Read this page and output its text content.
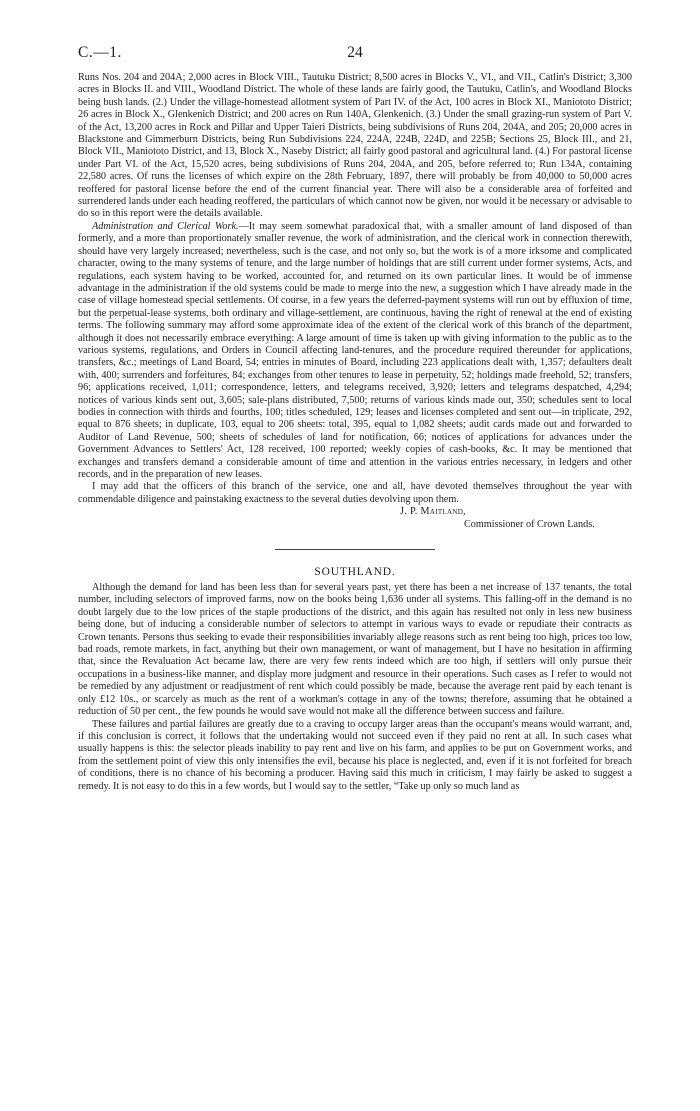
C.—1.	24

Runs Nos. 204 and 204A; 2,000 acres in Block VIII., Tautuku District; 8,500 acres in Blocks V., VI., and VII., Catlin's District; 3,300 acres in Blocks II. and VIII., Woodland District. The whole of these lands are fairly good, the Tautuku, Catlin's, and Woodland Blocks being bush lands. (2.) Under the village-homestead allotment system of Part IV. of the Act, 100 acres in Block XI., Maniototo District; 26 acres in Block X., Glenkenich District; and 200 acres on Run 140A, Glenkenich. (3.) Under the small grazing-run system of Part V. of the Act, 13,200 acres in Rock and Pillar and Upper Taieri Districts, being subdivisions of Runs 204, 204A, and 205; 20,000 acres in Blackstone and Gimmerburn Districts, being Run Subdivisions 224, 224A, 224B, 224D, and 225B; Sections 25, Block III., and 21, Block VII., Maniototo District, and 13, Block X., Naseby District; all fairly good pastoral and agricultural land. (4.) For pastoral license under Part VI. of the Act, 15,520 acres, being subdivisions of Runs 204, 204A, and 205, before referred to; Run 134A, containing 22,580 acres. Of runs the licenses of which expire on the 28th February, 1897, there will probably be from 40,000 to 50,000 acres reoffered for pastoral license before the end of the current financial year. There will also be a considerable area of forfeited and surrendered lands under each heading reoffered, the particulars of which cannot now be given, nor would it be necessary or advisable to do so in this report were the details available.

Administration and Clerical Work.—It may seem somewhat paradoxical that, with a smaller amount of land disposed of than formerly, and a more than proportionately smaller revenue, the work of administration, and the clerical work in connection therewith, should have very largely increased; nevertheless, such is the case, and not only so, but the work is of a more irksome and complicated character, owing to the many systems of tenure, and the large number of holdings that are still current under former systems, Acts, and regulations, each system having to be worked, accounted for, and returned on its own particular lines. It would be of immense advantage in the administration if the old systems could be made to merge into the new, a suggestion which I have already made in the case of village homestead special settlements. Of course, in a few years the deferred-payment systems will run out by effluxion of time, but the perpetual-lease systems, both ordinary and village-settlement, are continuous, having the right of renewal at the end of existing terms. The following summary may afford some approximate idea of the extent of the clerical work of this branch of the department, although it does not necessarily embrace everything: A large amount of time is taken up with giving information to the public as to the various systems, regulations, and Orders in Council affecting land-tenures, and the procedure required thereunder for applications, transfers, &c.; meetings of Land Board, 54; entries in minutes of Board, including 223 applications dealt with, 1,357; defaulters dealt with, 400; surrenders and forfeitures, 84; exchanges from other tenures to lease in perpetuity, 52; holdings made freehold, 52; transfers, 96; applications received, 1,011; correspondence, letters, and telegrams received, 3,920; letters and telegrams despatched, 4,294; notices of various kinds sent out, 3,605; sale-plans distributed, 7,500; returns of various kinds made out, 350; schedules sent to local bodies in connection with thirds and fourths, 100; titles scheduled, 129; leases and licenses completed and sent out—in triplicate, 292, equal to 876 sheets; in duplicate, 103, equal to 206 sheets: total, 395, equal to 1,082 sheets; audit cards made out and forwarded to Auditor of Land Revenue, 500; sheets of schedules of land for notification, 66; notices of applications for advances under the Government Advances to Settlers' Act, 128 received, 100 reported; weekly copies of cash-books, &c. It may be mentioned that exchanges and transfers demand a considerable amount of time and attention in the various entries necessary, in ledgers and other records, and in the preparation of new leases.

I may add that the officers of this branch of the service, one and all, have devoted themselves throughout the year with commendable diligence and painstaking exactness to the several duties devolving upon them.

J. P. Maitland,
Commissioner of Crown Lands.
SOUTHLAND.

Although the demand for land has been less than for several years past, yet there has been a net increase of 137 tenants, the total number, including selectors of improved farms, now on the books being 1,636 under all systems. This falling-off in the demand is no doubt largely due to the low prices of the staple productions of the district, and this again has resulted not only in less new business being done, but of inducing a considerable number of selectors to attempt in various ways to evade or repudiate their contracts as Crown tenants. Persons thus seeking to evade their responsibilities invariably allege reasons such as rent being too high, prices too low, bad roads, remote markets, in fact, anything but their own management, or want of management, but I have no hesitation in affirming that, since the Revaluation Act became law, there are very few rents indeed which are too high, if settlers will only pursue their occupations in a business-like manner, and display more judgment and resource in their operations. Such cases as I refer to would not be remedied by any adjustment or readjustment of rent which could possibly be made, because the average rent paid by each tenant is only £12 10s., or scarcely as much as the rent of a workman's cottage in any of the towns; therefore, assuming that he obtained a reduction of 50 per cent., the few pounds he would save would not make all the difference between success and failure.

These failures and partial failures are greatly due to a craving to occupy larger areas than the occupant's means would warrant, and, if this conclusion is correct, it follows that the undertaking would not succeed even if they paid no rent at all. In such cases what usually happens is this: the selector pleads inability to pay rent and live on his farm, and applies to be put on Government works, and from the settlement point of view this only intensifies the evil, because his place is neglected, and, even if it is not forfeited for breach of conditions, there is no chance of his becoming a producer. Having said this much in criticism, I may fairly be asked to suggest a remedy. It is not easy to do this in a few words, but I would say to the settler, “Take up only so much land as
